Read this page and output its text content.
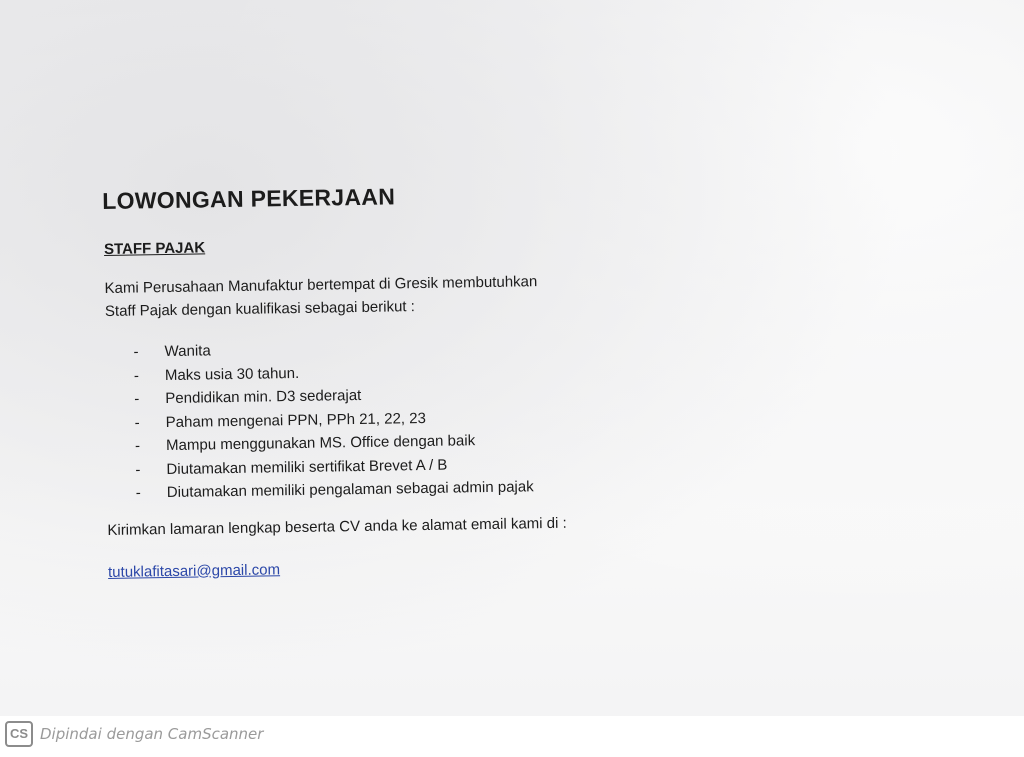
LOWONGAN PEKERJAAN
STAFF PAJAK
Kami Perusahaan Manufaktur bertempat di Gresik membutuhkan
Staff Pajak dengan kualifikasi sebagai berikut :
- Wanita
- Maks usia 30 tahun.
- Pendidikan min. D3 sederajat
- Paham mengenai PPN, PPh 21, 22, 23
- Mampu menggunakan MS. Office dengan baik
- Diutamakan memiliki sertifikat Brevet A / B
- Diutamakan memiliki pengalaman sebagai admin pajak
Kirimkan lamaran lengkap beserta CV anda ke alamat email kami di :
tutuklafitasari@gmail.com
CS Dipindai dengan CamScanner
